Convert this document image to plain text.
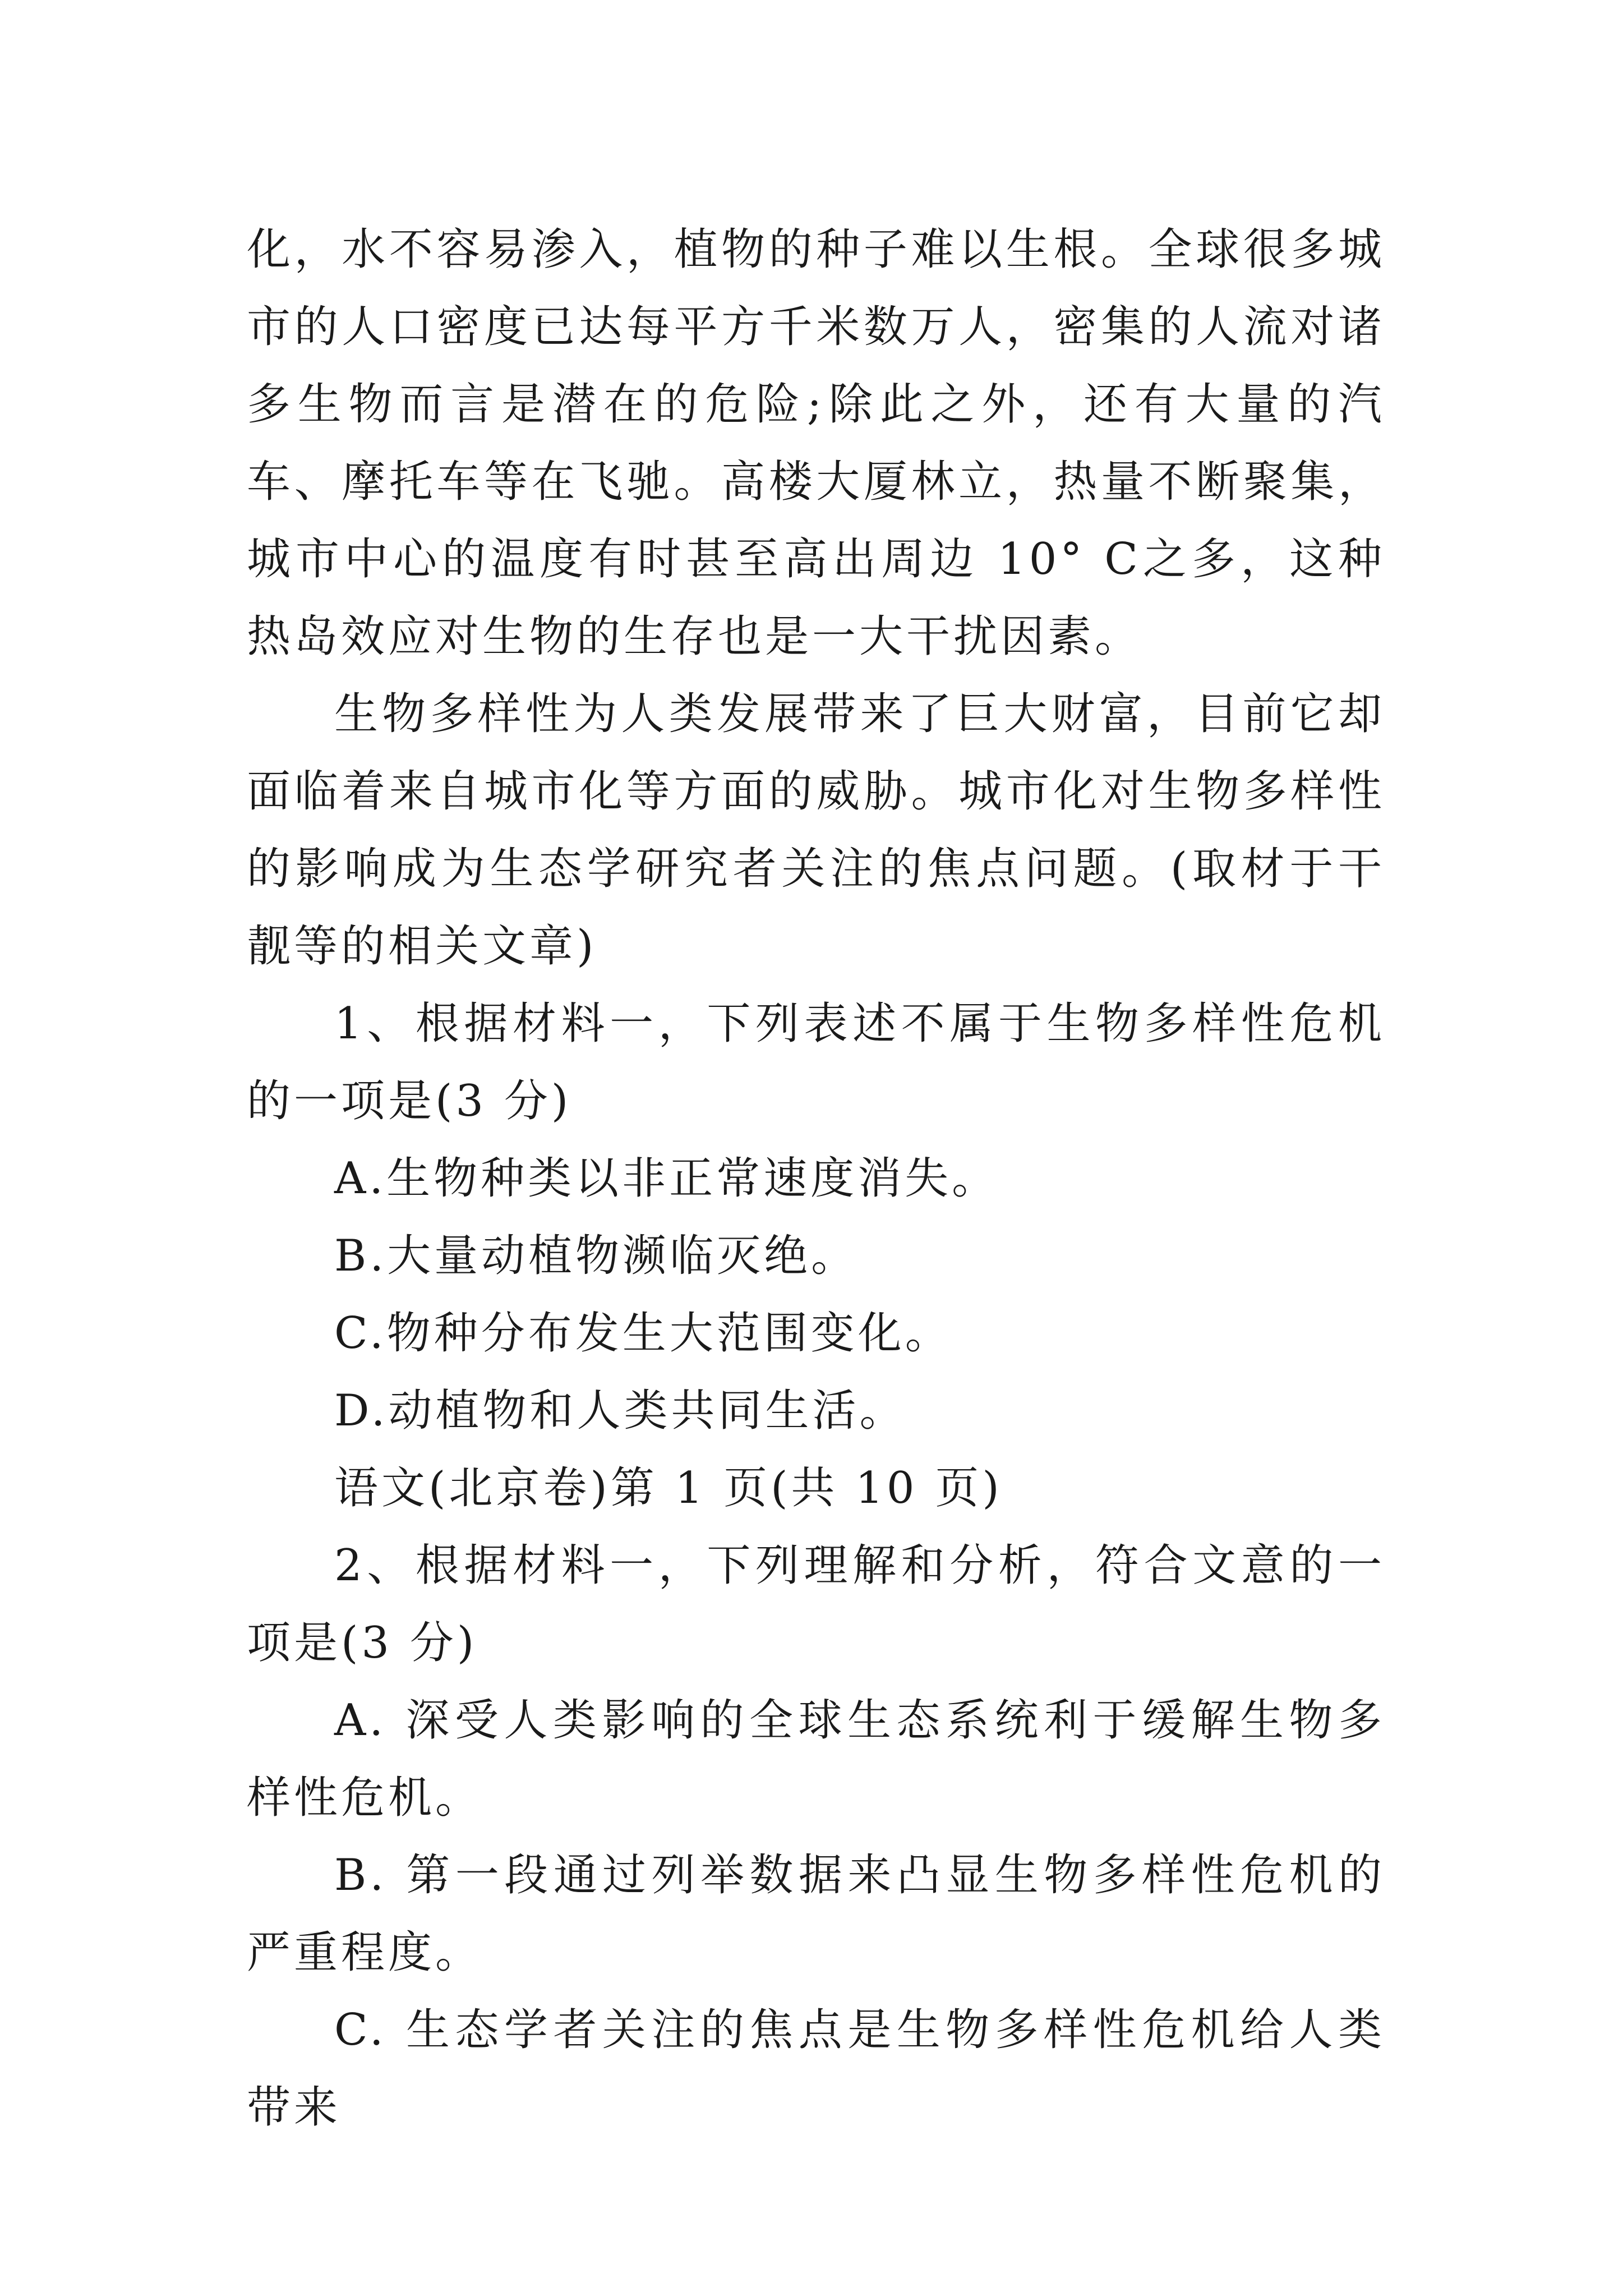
化，水不容易渗入，植物的种子难以生根。全球很多城市的人口密度已达每平方千米数万人，密集的人流对诸多生物而言是潜在的危险;除此之外，还有大量的汽车、摩托车等在飞驰。高楼大厦林立，热量不断聚集， 城市中心的温度有时甚至高出周边 10° C之多，这种热岛效应对生物的生存也是一大干扰因素。

生物多样性为人类发展带来了巨大财富，目前它却面临着来自城市化等方面的威胁。城市化对生物多样性的影响成为生态学研究者关注的焦点问题。(取材于干靓等的相关文章)

1、根据材料一，下列表述不属于生物多样性危机的一项是(3 分)

A.生物种类以非正常速度消失。

B.大量动植物濒临灭绝。

C.物种分布发生大范围变化。

D.动植物和人类共同生活。

语文(北京卷)第 1 页(共 10 页)

2、根据材料一，下列理解和分析，符合文意的一项是(3 分)

A. 深受人类影响的全球生态系统利于缓解生物多样性危机。

B. 第一段通过列举数据来凸显生物多样性危机的严重程度。

C. 生态学者关注的焦点是生物多样性危机给人类带来
